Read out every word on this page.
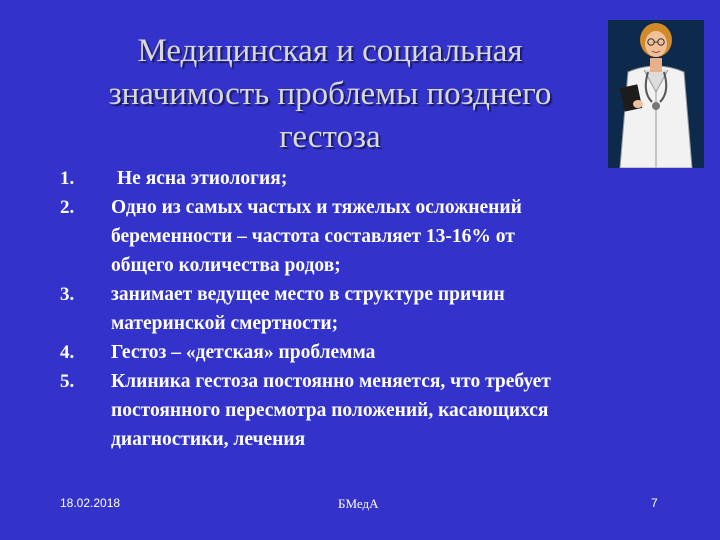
Медицинская и социальная
значимость проблемы позднего
гестоза
1. Не ясна этиология;
2. Одно из самых частых и тяжелых осложнений
беременности – частота составляет 13-16% от
общего количества родов;
3. занимает ведущее место в структуре причин
материнской смертности;
4. Гестоз – «детская» проблемма
5. Клиника гестоза постоянно меняется, что требует
постоянного пересмотра положений, касающихся
диагностики, лечения
18.02.2018	БМедА	7
